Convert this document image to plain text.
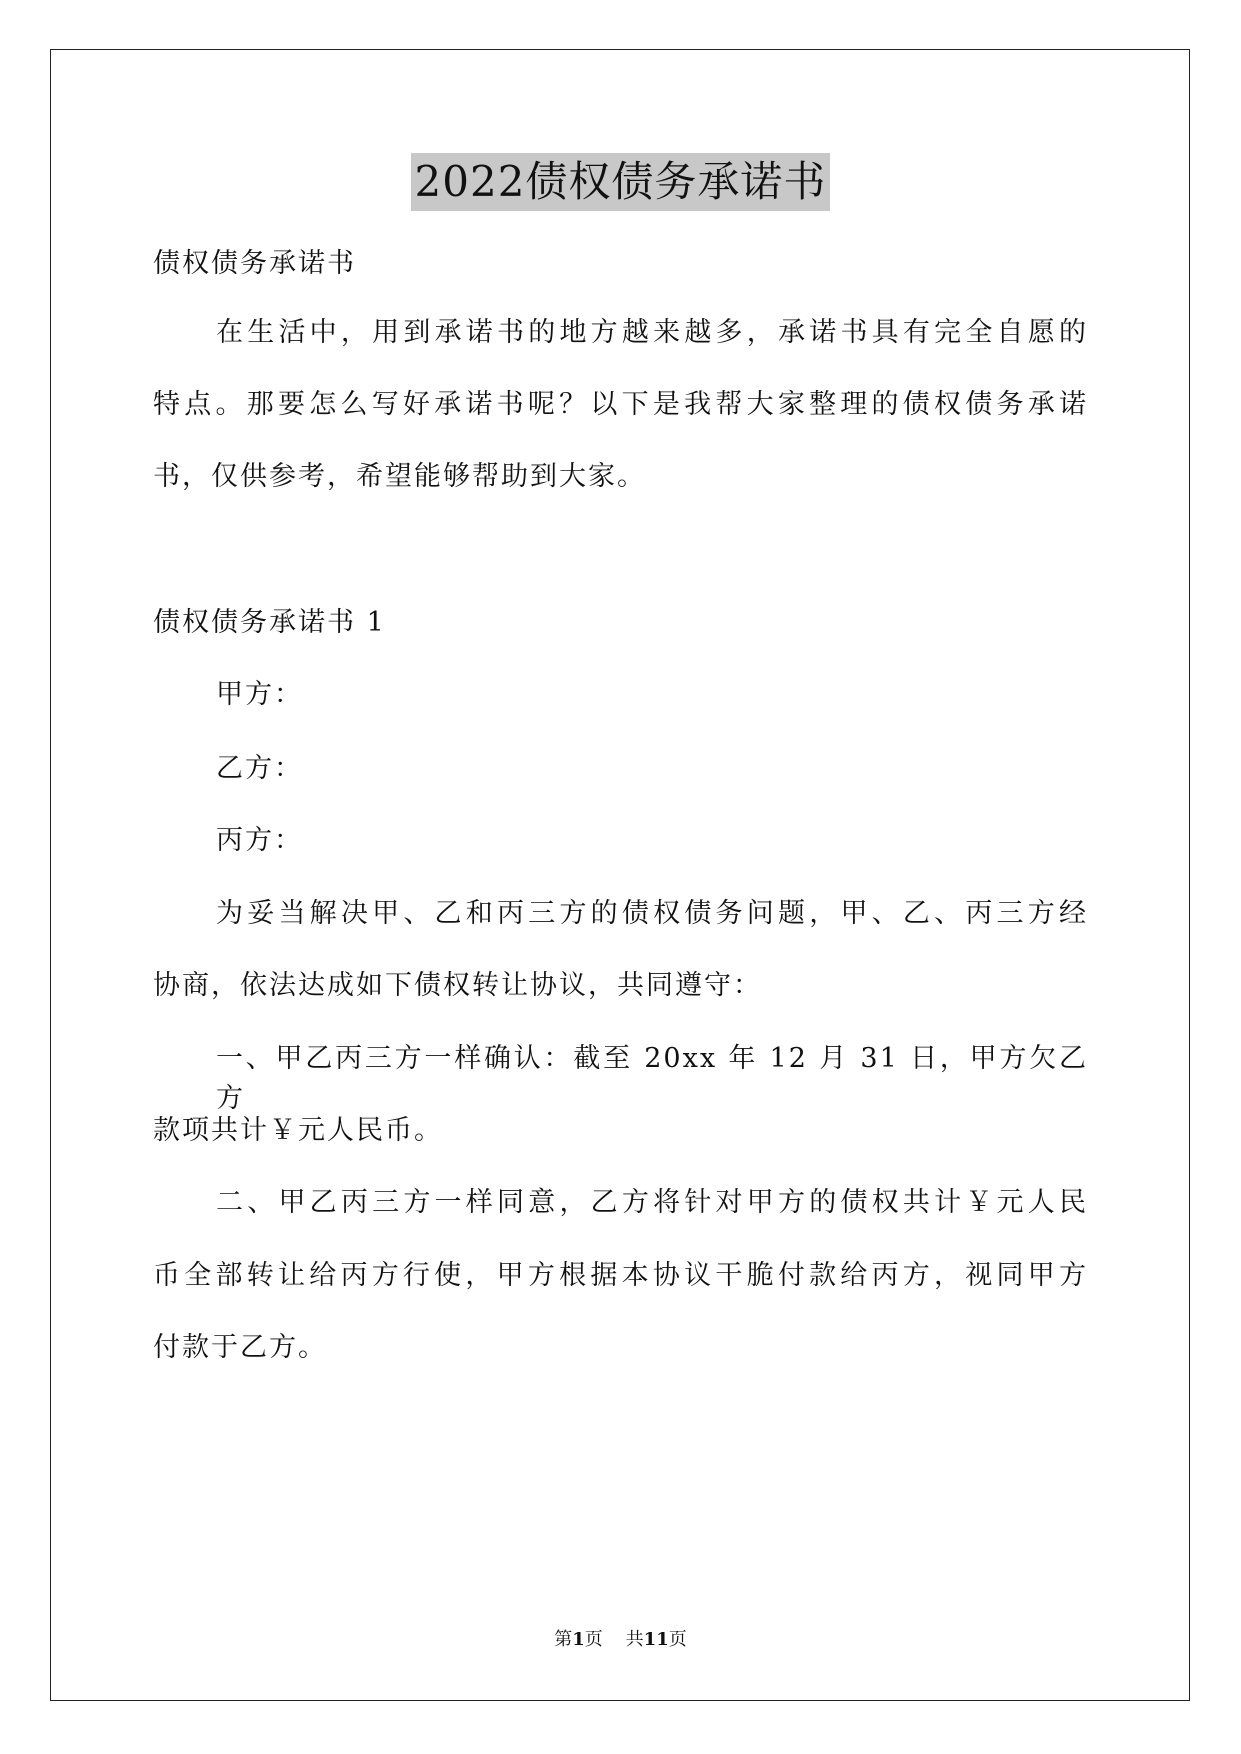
2022债权债务承诺书
债权债务承诺书
在生活中，用到承诺书的地方越来越多，承诺书具有完全自愿的
特点。那要怎么写好承诺书呢？以下是我帮大家整理的债权债务承诺
书，仅供参考，希望能够帮助到大家。
债权债务承诺书 1
甲方：
乙方：
丙方：
为妥当解决甲、乙和丙三方的债权债务问题，甲、乙、丙三方经
协商，依法达成如下债权转让协议，共同遵守：
一、甲乙丙三方一样确认：截至 20xx 年 12 月 31 日，甲方欠乙方
款项共计￥元人民币。
二、甲乙丙三方一样同意，乙方将针对甲方的债权共计￥元人民
币全部转让给丙方行使，甲方根据本协议干脆付款给丙方，视同甲方
付款于乙方。
第1页 共11页
